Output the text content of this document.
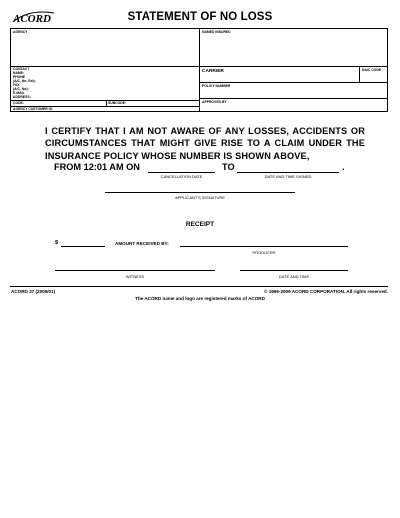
ACORD	STATEMENT OF NO LOSS
AGENCY	NAMED INSURED
CONTACT
NAME:
PHONE
(A/C, No, Ext):
FAX
(A/C, No):
E-MAIL
ADDRESS:
CARRIER	NAIC CODE
POLICY NUMBER
APPROVED BY
CODE:	SUBCODE:
AGENCY CUSTOMER ID:
I CERTIFY THAT I AM NOT AWARE OF ANY LOSSES, ACCIDENTS OR CIRCUMSTANCES THAT MIGHT GIVE RISE TO A CLAIM UNDER THE INSURANCE POLICY WHOSE NUMBER IS SHOWN ABOVE,
FROM 12:01 AM ON	TO	.
CANCELLATION DATE	DATE AND TIME SIGNED
APPLICANT'S SIGNATURE
RECEIPT
$	AMOUNT RECEIVED BY:
PRODUCER
WITNESS	DATE AND TIME
ACORD 37 (2009/01)	© 1996-2009 ACORD CORPORATION. All rights reserved.
The ACORD name and logo are registered marks of ACORD
